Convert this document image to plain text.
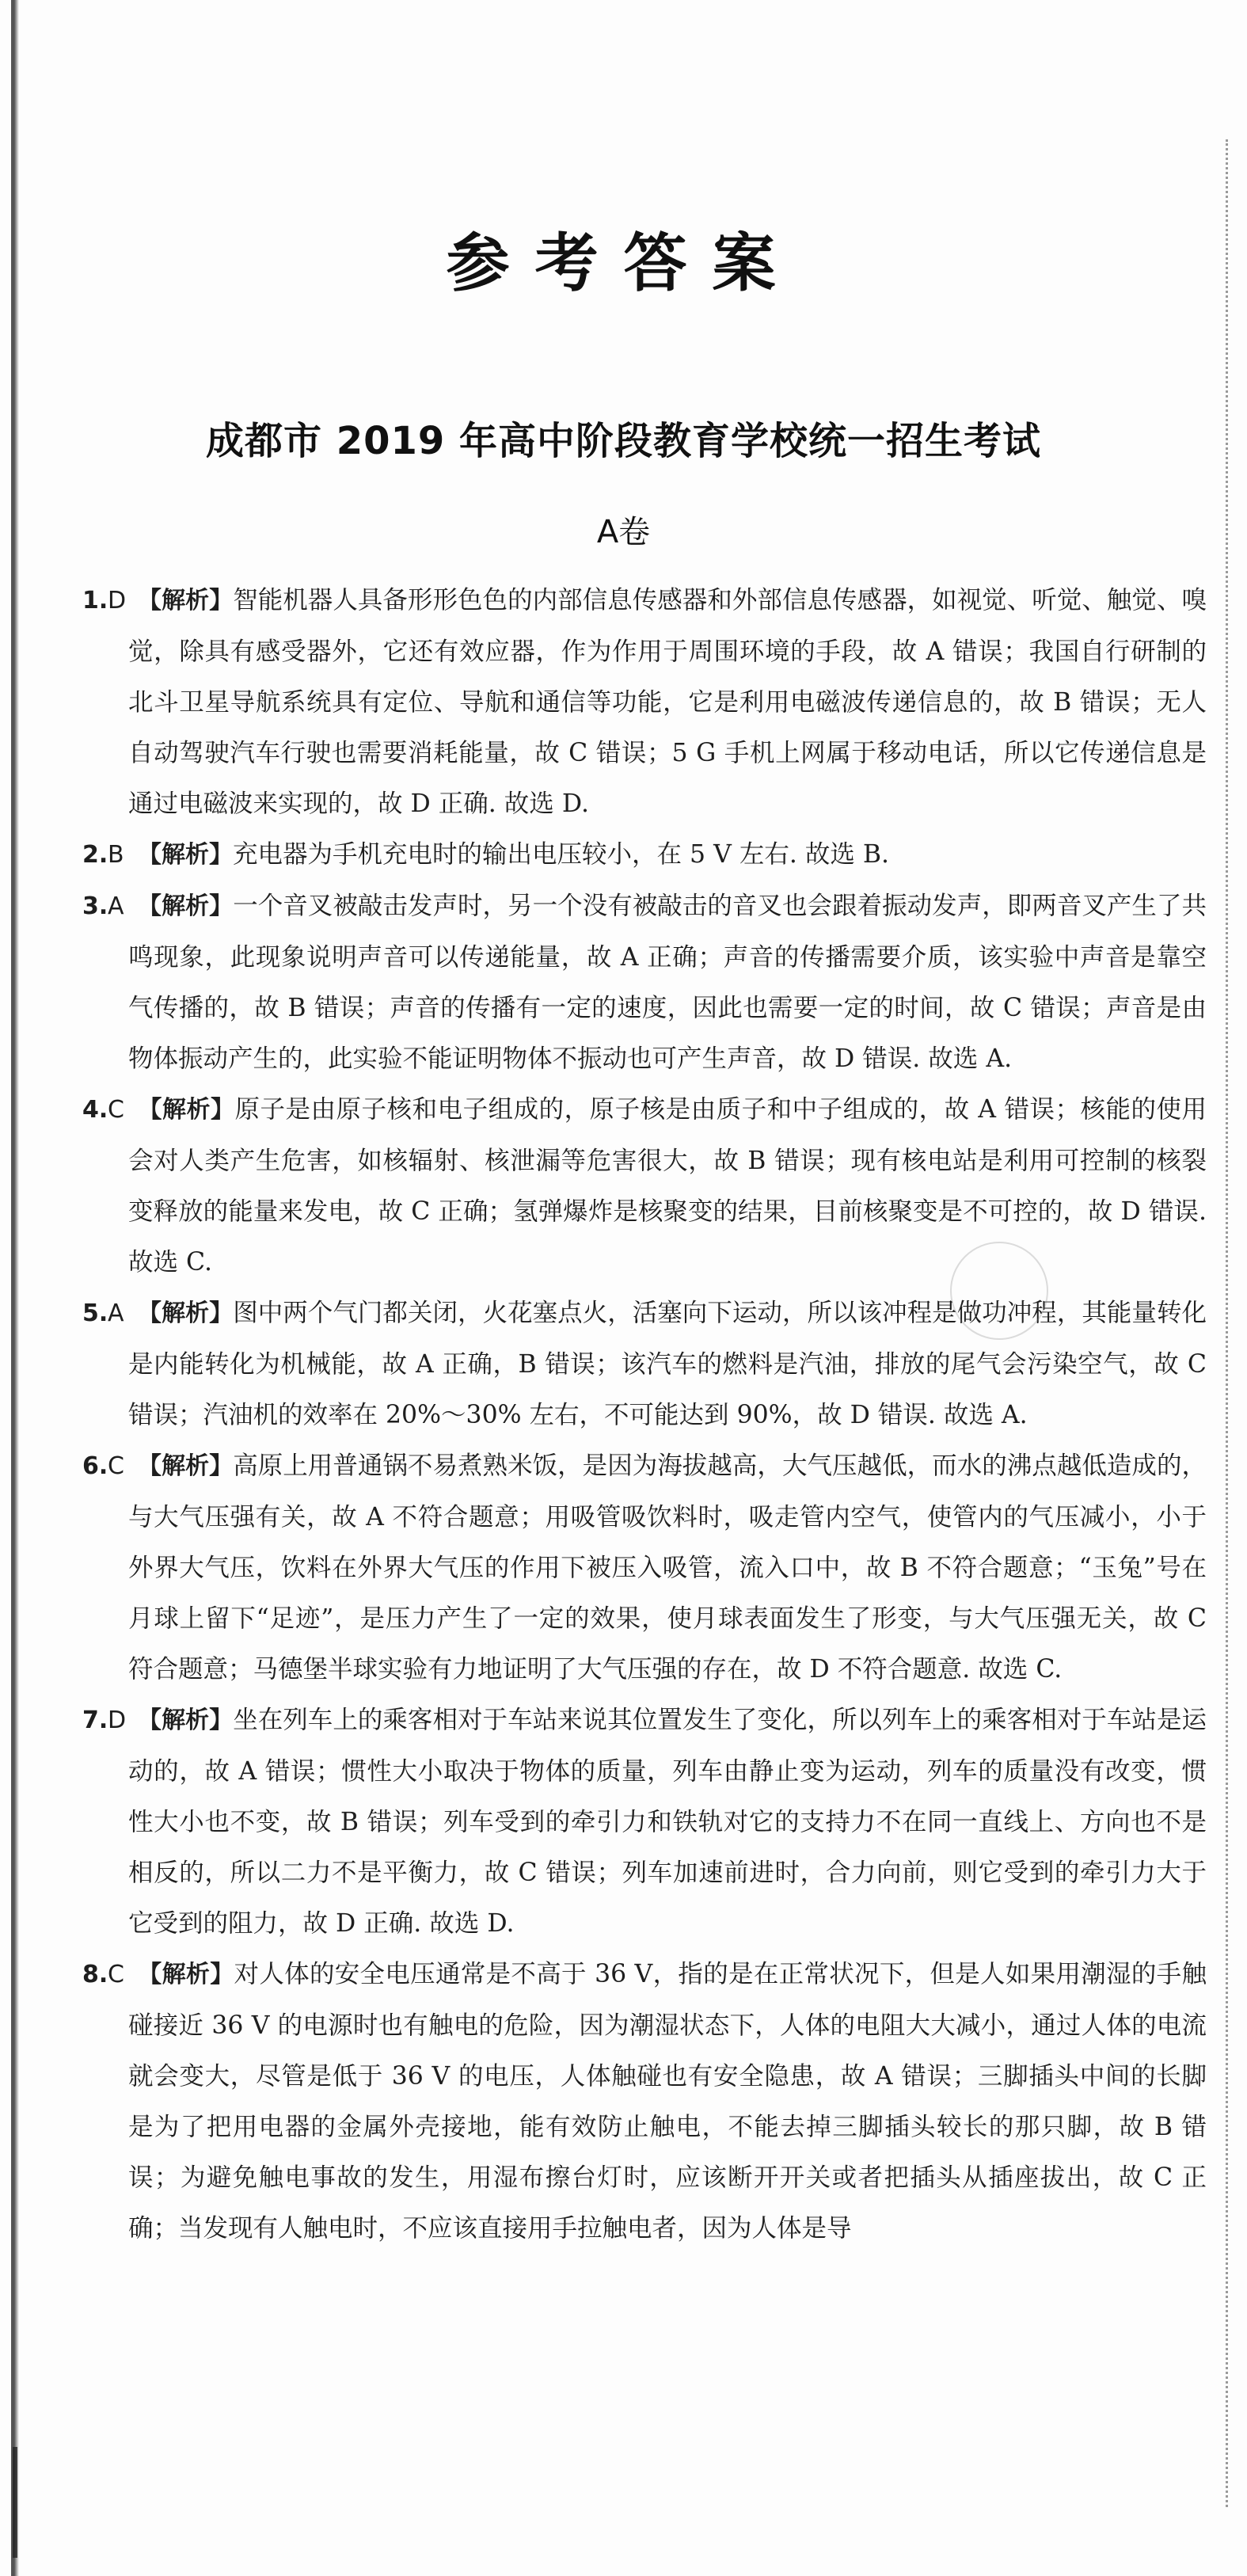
参考答案
成都市 2019 年高中阶段教育学校统一招生考试
A卷

1.D 【解析】智能机器人具备形形色色的内部信息传感器和外部信息传感器，如视觉、听觉、触觉、嗅觉，除具有感受器外，它还有效应器，作为作用于周围环境的手段，故 A 错误；我国自行研制的北斗卫星导航系统具有定位、导航和通信等功能，它是利用电磁波传递信息的，故 B 错误；无人自动驾驶汽车行驶也需要消耗能量，故 C 错误；5 G 手机上网属于移动电话，所以它传递信息是通过电磁波来实现的，故 D 正确. 故选 D.

2.B 【解析】充电器为手机充电时的输出电压较小，在 5 V 左右. 故选 B.

3.A 【解析】一个音叉被敲击发声时，另一个没有被敲击的音叉也会跟着振动发声，即两音叉产生了共鸣现象，此现象说明声音可以传递能量，故 A 正确；声音的传播需要介质，该实验中声音是靠空气传播的，故 B 错误；声音的传播有一定的速度，因此也需要一定的时间，故 C 错误；声音是由物体振动产生的，此实验不能证明物体不振动也可产生声音，故 D 错误. 故选 A.

4.C 【解析】原子是由原子核和电子组成的，原子核是由质子和中子组成的，故 A 错误；核能的使用会对人类产生危害，如核辐射、核泄漏等危害很大，故 B 错误；现有核电站是利用可控制的核裂变释放的能量来发电，故 C 正确；氢弹爆炸是核聚变的结果，目前核聚变是不可控的，故 D 错误. 故选 C.

5.A 【解析】图中两个气门都关闭，火花塞点火，活塞向下运动，所以该冲程是做功冲程，其能量转化是内能转化为机械能，故 A 正确，B 错误；该汽车的燃料是汽油，排放的尾气会污染空气，故 C 错误；汽油机的效率在 20%～30% 左右，不可能达到 90%，故 D 错误. 故选 A.

6.C 【解析】高原上用普通锅不易煮熟米饭，是因为海拔越高，大气压越低，而水的沸点越低造成的，与大气压强有关，故 A 不符合题意；用吸管吸饮料时，吸走管内空气，使管内的气压减小，小于外界大气压，饮料在外界大气压的作用下被压入吸管，流入口中，故 B 不符合题意；“玉兔”号在月球上留下“足迹”，是压力产生了一定的效果，使月球表面发生了形变，与大气压强无关，故 C 符合题意；马德堡半球实验有力地证明了大气压强的存在，故 D 不符合题意. 故选 C.

7.D 【解析】坐在列车上的乘客相对于车站来说其位置发生了变化，所以列车上的乘客相对于车站是运动的，故 A 错误；惯性大小取决于物体的质量，列车由静止变为运动，列车的质量没有改变，惯性大小也不变，故 B 错误；列车受到的牵引力和铁轨对它的支持力不在同一直线上、方向也不是相反的，所以二力不是平衡力，故 C 错误；列车加速前进时，合力向前，则它受到的牵引力大于它受到的阻力，故 D 正确. 故选 D.

8.C 【解析】对人体的安全电压通常是不高于 36 V，指的是在正常状况下，但是人如果用潮湿的手触碰接近 36 V 的电源时也有触电的危险，因为潮湿状态下，人体的电阻大大减小，通过人体的电流就会变大，尽管是低于 36 V 的电压，人体触碰也有安全隐患，故 A 错误；三脚插头中间的长脚是为了把用电器的金属外壳接地，能有效防止触电，不能去掉三脚插头较长的那只脚，故 B 错误；为避免触电事故的发生，用湿布擦台灯时，应该断开开关或者把插头从插座拔出，故 C 正确；当发现有人触电时，不应该直接用手拉触电者，因为人体是导
